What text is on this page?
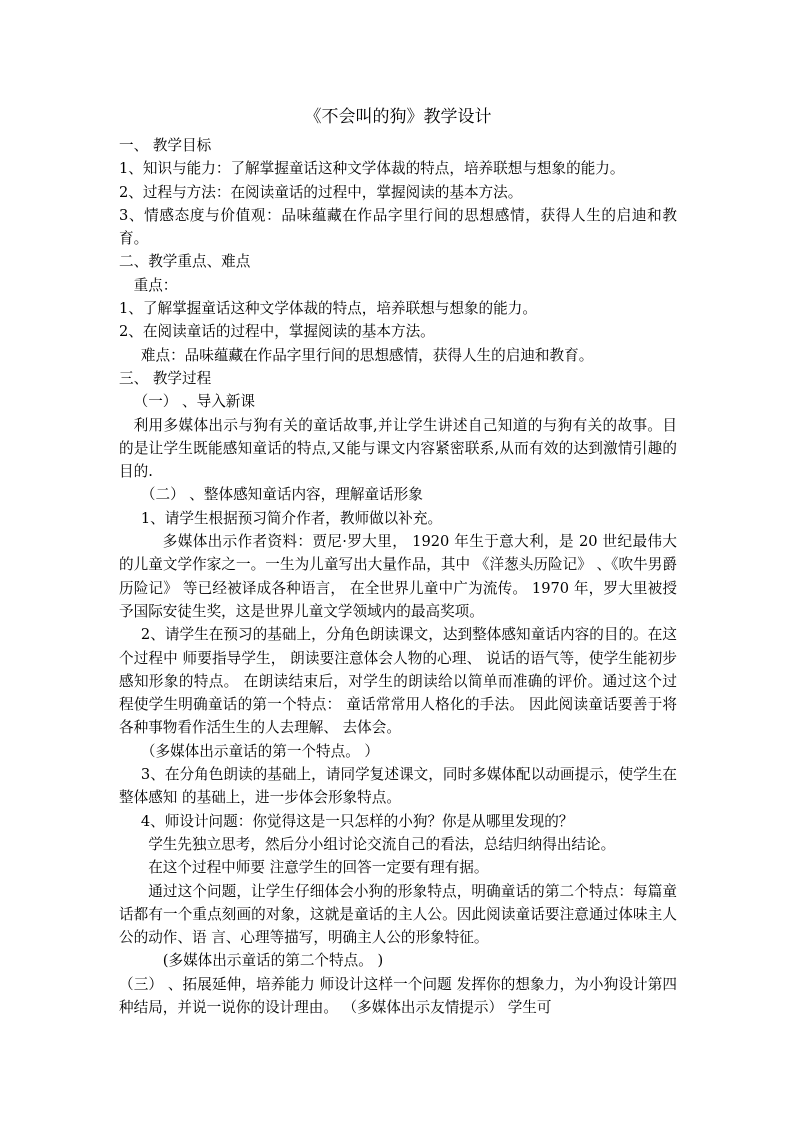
《不会叫的狗》教学设计

一、 教学目标

1、知识与能力：了解掌握童话这种文学体裁的特点，培养联想与想象的能力。

2、过程与方法：在阅读童话的过程中，掌握阅读的基本方法。

3、情感态度与价值观：品味蕴藏在作品字里行间的思想感情，获得人生的启迪和教育。

二、教学重点、难点

重点：

1、了解掌握童话这种文学体裁的特点，培养联想与想象的能力。

2、在阅读童话的过程中，掌握阅读的基本方法。

难点：品味蕴藏在作品字里行间的思想感情，获得人生的启迪和教育。

三、 教学过程

（一） 、导入新课

利用多媒体出示与狗有关的童话故事,并让学生讲述自己知道的与狗有关的故事。目的是让学生既能感知童话的特点,又能与课文内容紧密联系,从而有效的达到激情引趣的目的.

（二） 、整体感知童话内容，理解童话形象

1、请学生根据预习简介作者，教师做以补充。

多媒体出示作者资料：贾尼·罗大里， 1920 年生于意大利，是 20 世纪最伟大的儿童文学作家之一。一生为儿童写出大量作品，其中 《洋葱头历险记》 、《吹牛男爵历险记》 等已经被译成各种语言， 在全世界儿童中广为流传。 1970 年，罗大里被授予国际安徒生奖，这是世界儿童文学领域内的最高奖项。

2、请学生在预习的基础上，分角色朗读课文，达到整体感知童话内容的目的。在这个过程中 师要指导学生， 朗读要注意体会人物的心理、 说话的语气等，使学生能初步感知形象的特点。 在朗读结束后，对学生的朗读给以简单而准确的评价。通过这个过程使学生明确童话的第一个特点： 童话常常用人格化的手法。 因此阅读童话要善于将各种事物看作活生生的人去理解、 去体会。

（多媒体出示童话的第一个特点。 ）

3、在分角色朗读的基础上，请同学复述课文，同时多媒体配以动画提示，使学生在整体感知 的基础上，进一步体会形象特点。

4、师设计问题：你觉得这是一只怎样的小狗？你是从哪里发现的？

学生先独立思考，然后分小组讨论交流自己的看法，总结归纳得出结论。

在这个过程中师要 注意学生的回答一定要有理有据。

通过这个问题，让学生仔细体会小狗的形象特点，明确童话的第二个特点：每篇童话都有一个重点刻画的对象，这就是童话的主人公。因此阅读童话要注意通过体味主人公的动作、语 言、心理等描写，明确主人公的形象特征。

(多媒体出示童话的第二个特点。 )

（三） 、拓展延伸，培养能力 师设计这样一个问题 发挥你的想象力，为小狗设计第四种结局，并说一说你的设计理由。 （多媒体出示友情提示） 学生可
